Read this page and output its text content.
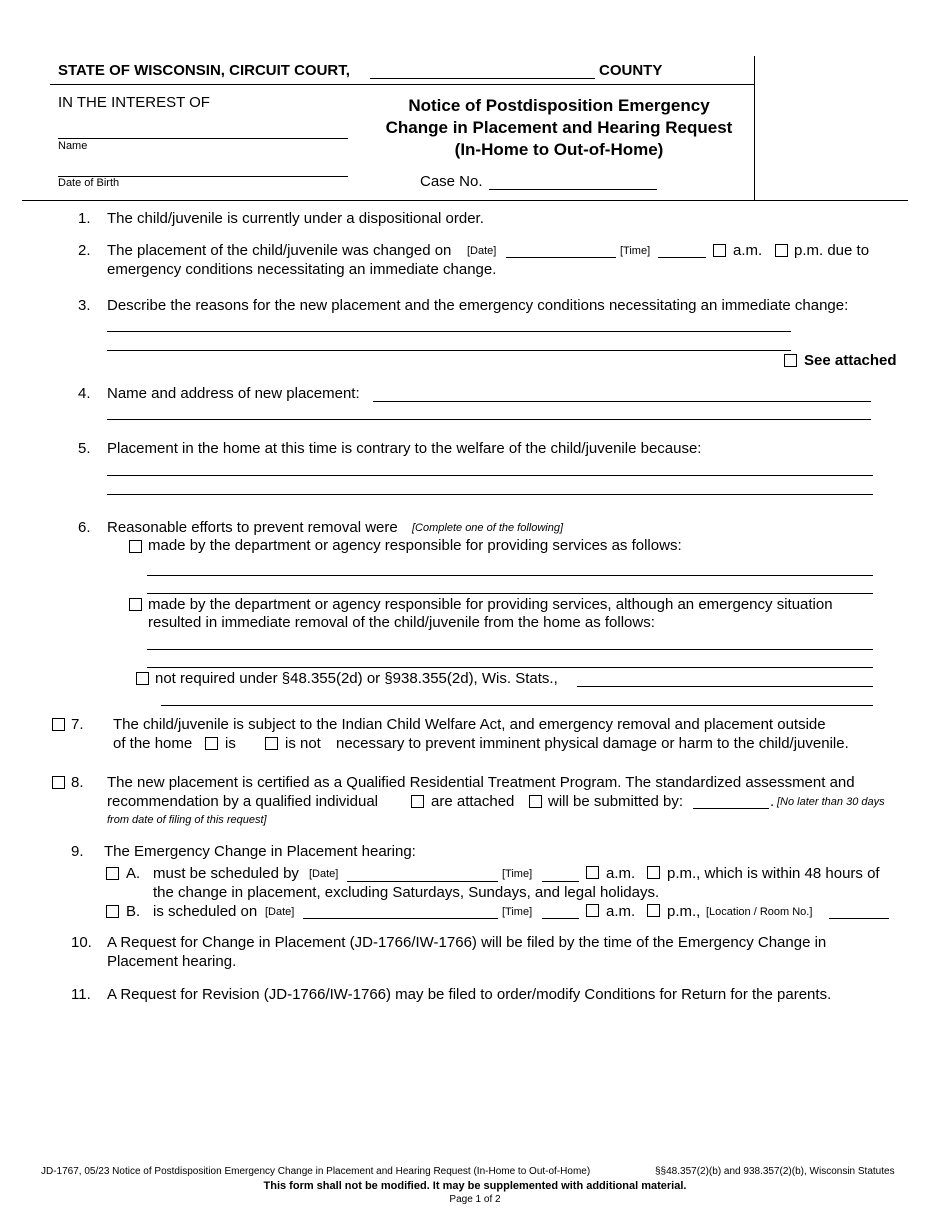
STATE OF WISCONSIN, CIRCUIT COURT,	COUNTY
IN THE INTEREST OF
Name
Date of Birth
Notice of Postdisposition Emergency
Change in Placement and Hearing Request
(In-Home to Out-of-Home)
Case No.
1. The child/juvenile is currently under a dispositional order.
2. The placement of the child/juvenile was changed on [Date]	[Time]	a.m. p.m. due to
emergency conditions necessitating an immediate change.
3. Describe the reasons for the new placement and the emergency conditions necessitating an immediate change:
See attached
4. Name and address of new placement:
5. Placement in the home at this time is contrary to the welfare of the child/juvenile because:
6. Reasonable efforts to prevent removal were [Complete one of the following]
made by the department or agency responsible for providing services as follows:
made by the department or agency responsible for providing services, although an emergency situation
resulted in immediate removal of the child/juvenile from the home as follows:
not required under §48.355(2d) or §938.355(2d), Wis. Stats.,
7. The child/juvenile is subject to the Indian Child Welfare Act, and emergency removal and placement outside
of the home is	is not necessary to prevent imminent physical damage or harm to the child/juvenile.
8. The new placement is certified as a Qualified Residential Treatment Program. The standardized assessment and
recommendation by a qualified individual	are attached will be submitted by:	. [No later than 30 days
from date of filing of this request]
9. The Emergency Change in Placement hearing:
A. must be scheduled by [Date]	[Time]	a.m. p.m., which is within 48 hours of
the change in placement, excluding Saturdays, Sundays, and legal holidays.
B. is scheduled on [Date]	[Time]	a.m. p.m., [Location / Room No.]
10. A Request for Change in Placement (JD-1766/IW-1766) will be filed by the time of the Emergency Change in
Placement hearing.
11. A Request for Revision (JD-1766/IW-1766) may be filed to order/modify Conditions for Return for the parents.
JD-1767, 05/23 Notice of Postdisposition Emergency Change in Placement and Hearing Request (In-Home to Out-of-Home)	§§48.357(2)(b) and 938.357(2)(b), Wisconsin Statutes
This form shall not be modified. It may be supplemented with additional material.
Page 1 of 2
